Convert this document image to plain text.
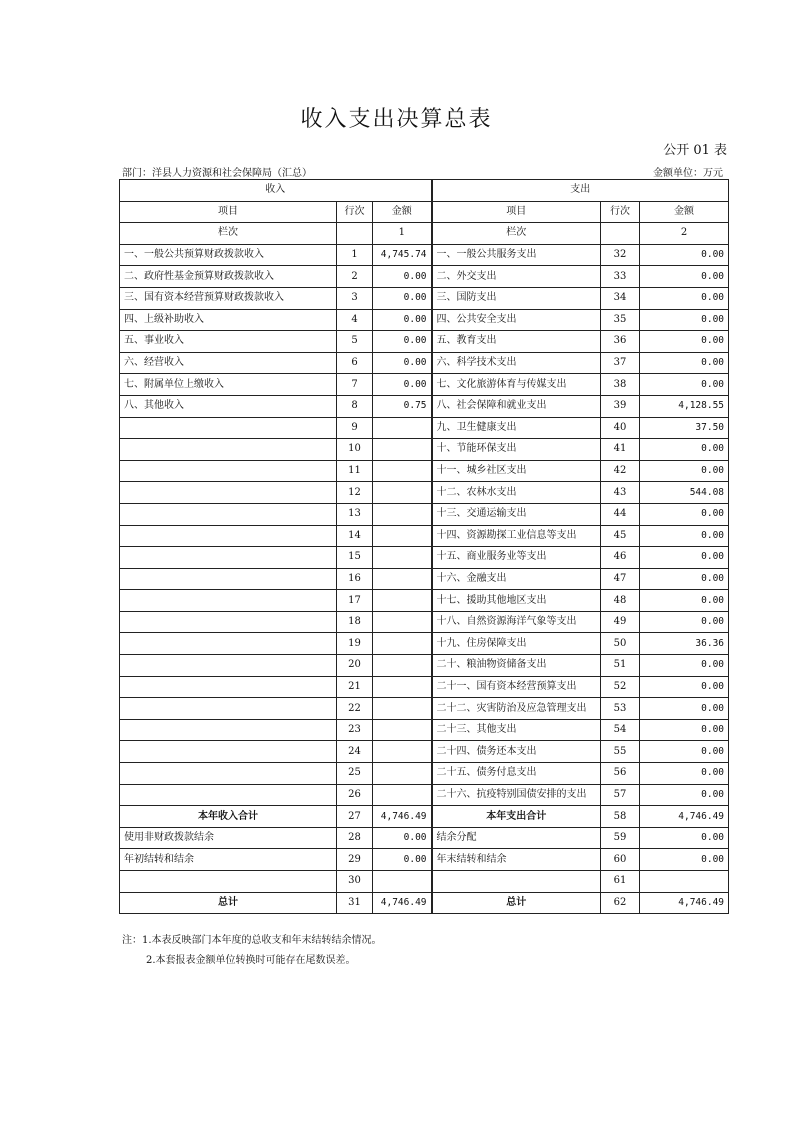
收入支出决算总表
公开 01 表
部门：洋县人力资源和社会保障局（汇总）	金额单位：万元
收入			支出		
项目	行次	金额	项目	行次	金额
栏次		1	栏次		2
一、一般公共预算财政拨款收入	1	4,745.74	一、一般公共服务支出	32	0.00
二、政府性基金预算财政拨款收入	2	0.00	二、外交支出	33	0.00
三、国有资本经营预算财政拨款收入	3	0.00	三、国防支出	34	0.00
四、上级补助收入	4	0.00	四、公共安全支出	35	0.00
五、事业收入	5	0.00	五、教育支出	36	0.00
六、经营收入	6	0.00	六、科学技术支出	37	0.00
七、附属单位上缴收入	7	0.00	七、文化旅游体育与传媒支出	38	0.00
八、其他收入	8	0.75	八、社会保障和就业支出	39	4,128.55
	9		九、卫生健康支出	40	37.50
	10		十、节能环保支出	41	0.00
	11		十一、城乡社区支出	42	0.00
	12		十二、农林水支出	43	544.08
	13		十三、交通运输支出	44	0.00
	14		十四、资源勘探工业信息等支出	45	0.00
	15		十五、商业服务业等支出	46	0.00
	16		十六、金融支出	47	0.00
	17		十七、援助其他地区支出	48	0.00
	18		十八、自然资源海洋气象等支出	49	0.00
	19		十九、住房保障支出	50	36.36
	20		二十、粮油物资储备支出	51	0.00
	21		二十一、国有资本经营预算支出	52	0.00
	22		二十二、灾害防治及应急管理支出	53	0.00
	23		二十三、其他支出	54	0.00
	24		二十四、债务还本支出	55	0.00
	25		二十五、债务付息支出	56	0.00
	26		二十六、抗疫特别国债安排的支出	57	0.00
本年收入合计	27	4,746.49	本年支出合计	58	4,746.49
使用非财政拨款结余	28	0.00	结余分配	59	0.00
年初结转和结余	29	0.00	年末结转和结余	60	0.00
	30			61	
总计	31	4,746.49	总计	62	4,746.49
注：1.本表反映部门本年度的总收支和年末结转结余情况。
2.本套报表金额单位转换时可能存在尾数误差。
